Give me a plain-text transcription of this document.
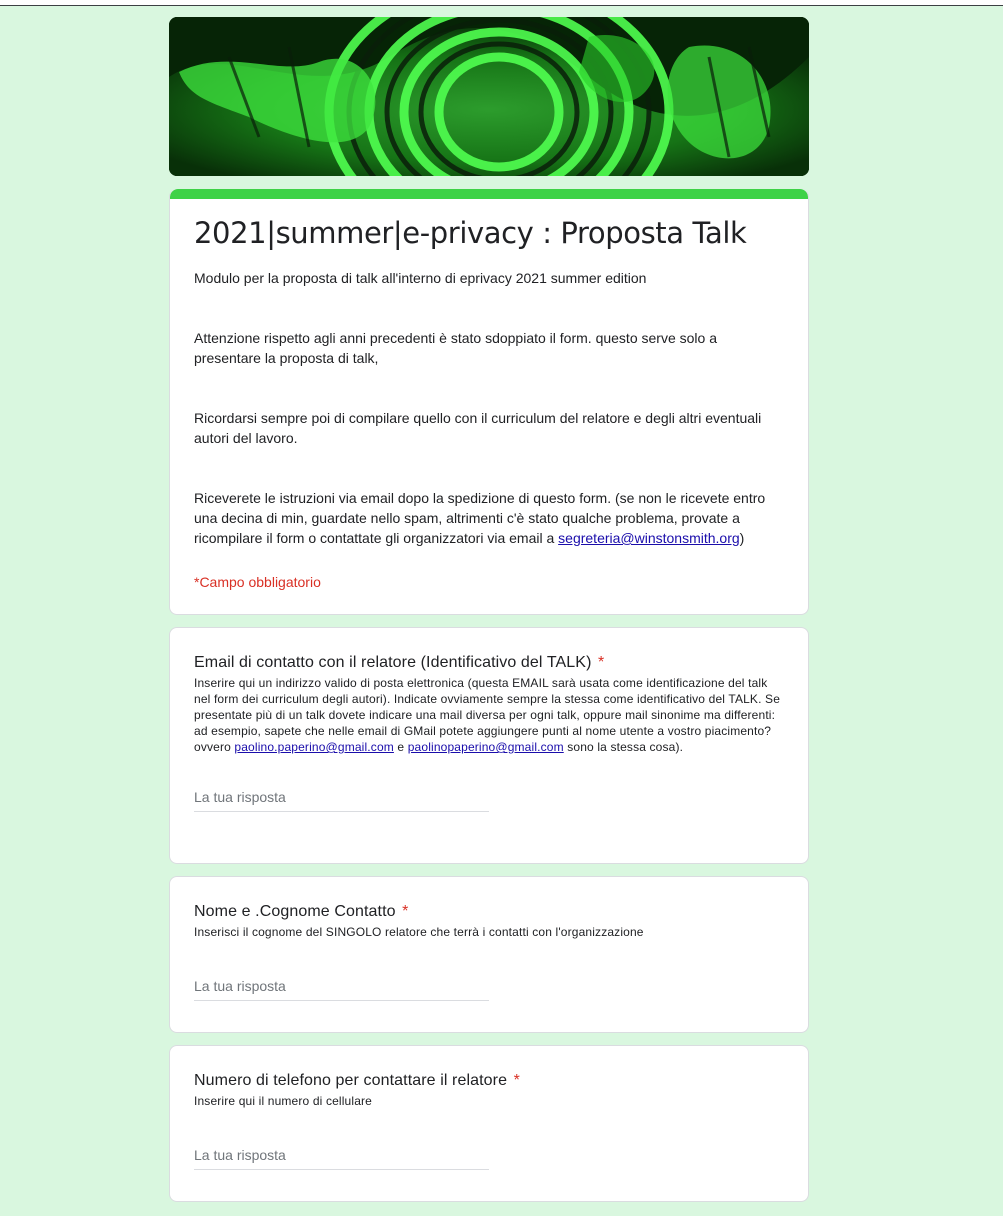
2021|summer|e-privacy : Proposta Talk

Modulo per la proposta di talk all'interno di eprivacy 2021 summer edition

Attenzione rispetto agli anni precedenti è stato sdoppiato il form. questo serve solo a presentare la proposta di talk,

Ricordarsi sempre poi di compilare quello con il curriculum del relatore e degli altri eventuali autori del lavoro.

Riceverete le istruzioni via email dopo la spedizione di questo form. (se non le ricevete entro una decina di min, guardate nello spam, altrimenti c'è stato qualche problema, provate a ricompilare il form o contattate gli organizzatori via email a segreteria@winstonsmith.org)

*Campo obbligatorio
Email di contatto con il relatore (Identificativo del TALK) *
Inserire qui un indirizzo valido di posta elettronica (questa EMAIL sarà usata come identificazione del talk nel form dei curriculum degli autori). Indicate ovviamente sempre la stessa come identificativo del TALK. Se presentate più di un talk dovete indicare una mail diversa per ogni talk, oppure mail sinonime ma differenti: ad esempio, sapete che nelle email di GMail potete aggiungere punti al nome utente a vostro piacimento? ovvero paolino.paperino@gmail.com e paolinopaperino@gmail.com sono la stessa cosa).
La tua risposta
Nome e .Cognome Contatto *
Inserisci il cognome del SINGOLO relatore che terrà i contatti con l'organizzazione
La tua risposta
Numero di telefono per contattare il relatore *
Inserire qui il numero di cellulare
La tua risposta
